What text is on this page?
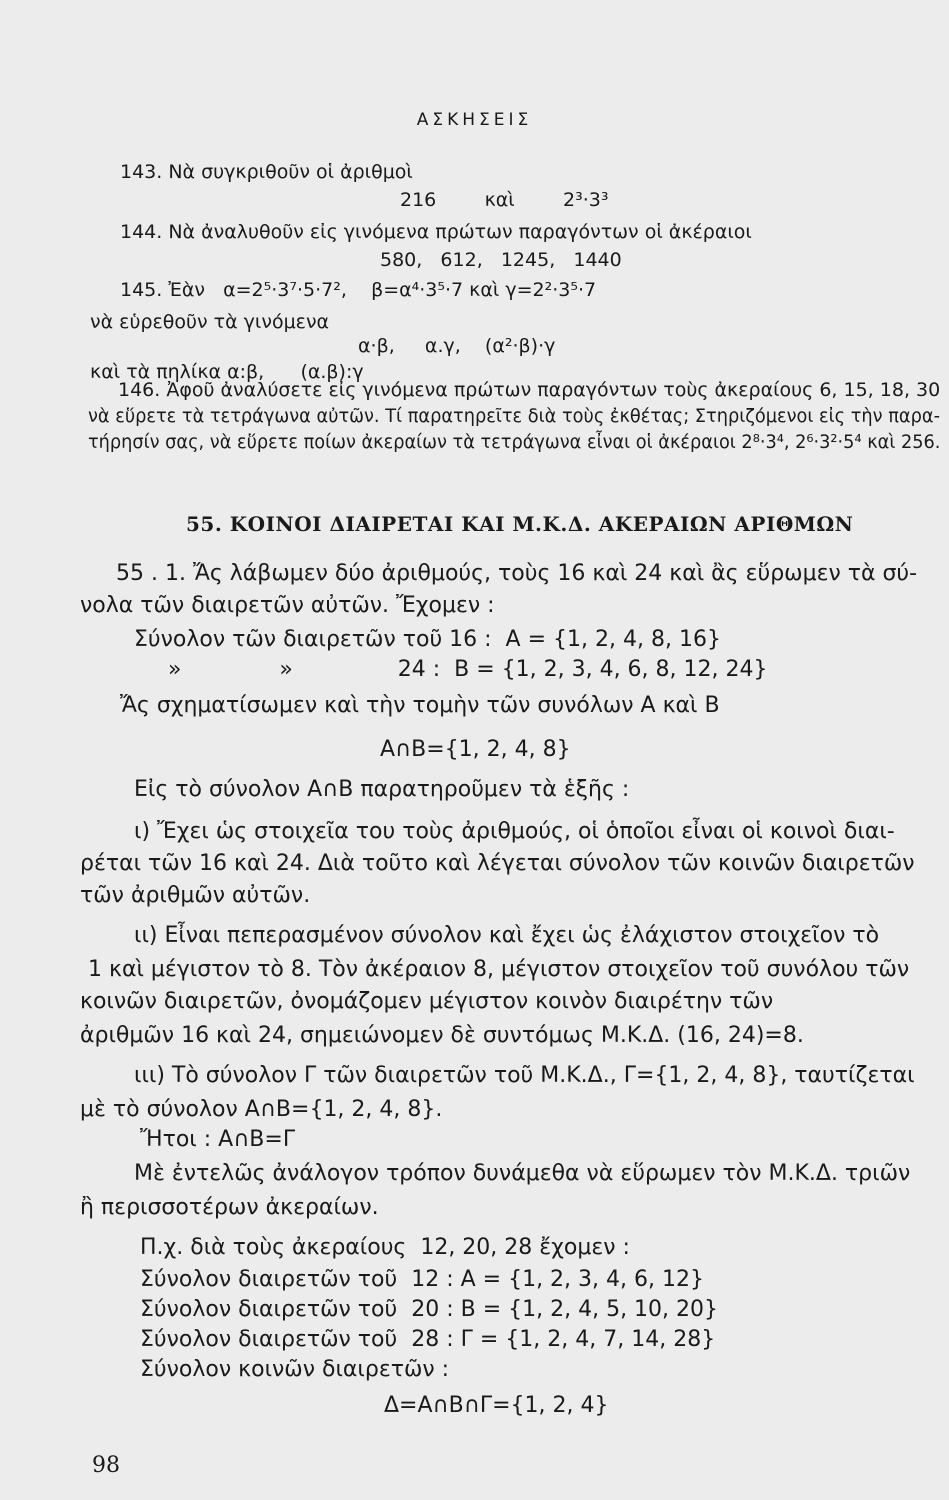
ΑΣΚΗΣΕΙΣ
143. Νὰ συγκριθοῦν οἱ ἀριθμοὶ
216        καὶ        2³·3³
144. Νὰ ἀναλυθοῦν εἰς γινόμενα πρώτων παραγόντων οἱ ἀκέραιοι
580,   612,   1245,   1440
145. Ἐὰν   α=2⁵·3⁷·5·7²,    β=α⁴·3⁵·7 καὶ γ=2²·3⁵·7
νὰ εὑρεθοῦν τὰ γινόμενα
α·β,     α.γ,    (α²·β)·γ
καὶ τὰ πηλίκα α:β,      (α.β):γ
146. Ἀφοῦ ἀναλύσετε εἰς γινόμενα πρώτων παραγόντων τοὺς ἀκεραίους 6, 15, 18, 30
νὰ εὕρετε τὰ τετράγωνα αὐτῶν. Τί παρατηρεῖτε διὰ τοὺς ἐκθέτας; Στηριζόμενοι εἰς τὴν παρα-
τήρησίν σας, νὰ εὕρετε ποίων ἀκεραίων τὰ τετράγωνα εἶναι οἱ ἀκέραιοι 2⁸·3⁴, 2⁶·3²·5⁴ καὶ 256.
55. ΚΟΙΝΟΙ ΔΙΑΙΡΕΤΑΙ ΚΑΙ Μ.Κ.Δ. ΑΚΕΡΑΙΩΝ ΑΡΙΘΜΩΝ
55 . 1. Ἄς λάβωμεν δύο ἀριθμούς, τοὺς 16 καὶ 24 καὶ ἂς εὕρωμεν τὰ σύ-
νολα τῶν διαιρετῶν αὐτῶν. Ἔχομεν :
Σύνολον τῶν διαιρετῶν τοῦ 16 :  A = {1, 2, 4, 8, 16}
»              »               24 :  B = {1, 2, 3, 4, 6, 8, 12, 24}
Ἄς σχηματίσωμεν καὶ τὴν τομὴν τῶν συνόλων A καὶ B
A∩B={1, 2, 4, 8}
Εἰς τὸ σύνολον A∩B παρατηροῦμεν τὰ ἑξῆς :
ι) Ἔχει ὡς στοιχεῖα του τοὺς ἀριθμούς, οἱ ὁποῖοι εἶναι οἱ κοινοὶ διαι-
ρέται τῶν 16 καὶ 24. Διὰ τοῦτο καὶ λέγεται σύνολον τῶν κοινῶν διαιρετῶν
τῶν ἀριθμῶν αὐτῶν.
ιι) Εἶναι πεπερασμένον σύνολον καὶ ἔχει ὡς ἐλάχιστον στοιχεῖον τὸ
1 καὶ μέγιστον τὸ 8. Τὸν ἀκέραιον 8, μέγιστον στοιχεῖον τοῦ συνόλου τῶν
κοινῶν διαιρετῶν, ὀνομάζομεν μέγιστον κοινὸν διαιρέτην τῶν
ἀριθμῶν 16 καὶ 24, σημειώνομεν δὲ συντόμως Μ.Κ.Δ. (16, 24)=8.
ιιι) Τὸ σύνολον Γ τῶν διαιρετῶν τοῦ Μ.Κ.Δ., Γ={1, 2, 4, 8}, ταυτίζεται
μὲ τὸ σύνολον A∩B={1, 2, 4, 8}.
Ἤτοι : A∩B=Γ
Μὲ ἐντελῶς ἀνάλογον τρόπον δυνάμεθα νὰ εὕρωμεν τὸν Μ.Κ.Δ. τριῶν
ἢ περισσοτέρων ἀκεραίων.
Π.χ. διὰ τοὺς ἀκεραίους  12, 20, 28 ἔχομεν :
Σύνολον διαιρετῶν τοῦ  12 : A = {1, 2, 3, 4, 6, 12}
Σύνολον διαιρετῶν τοῦ  20 : B = {1, 2, 4, 5, 10, 20}
Σύνολον διαιρετῶν τοῦ  28 : Γ = {1, 2, 4, 7, 14, 28}
Σύνολον κοινῶν διαιρετῶν :
Δ=A∩B∩Γ={1, 2, 4}
98
